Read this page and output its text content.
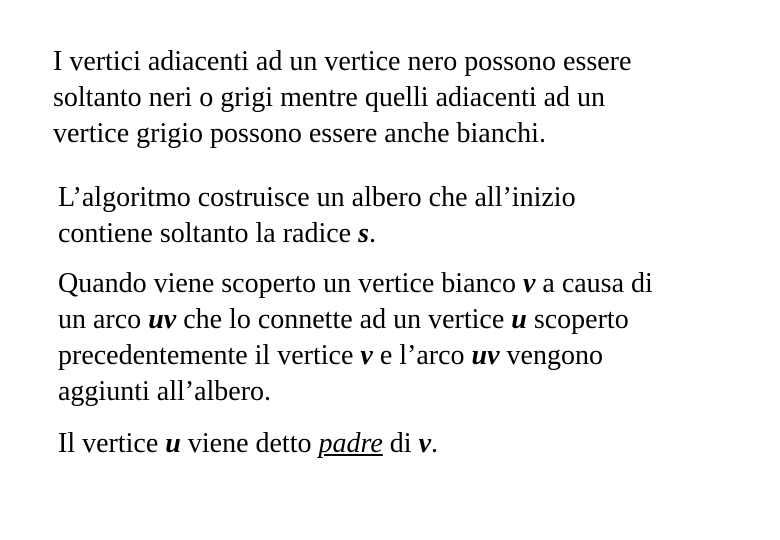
I vertici adiacenti ad un vertice nero possono essere
soltanto neri o grigi mentre quelli adiacenti ad un
vertice grigio possono essere anche bianchi.

L’algoritmo costruisce un albero che all’inizio
contiene soltanto la radice s.

Quando viene scoperto un vertice bianco v a causa di
un arco uv che lo connette ad un vertice u scoperto
precedentemente il vertice v e l’arco uv vengono
aggiunti all’albero.

Il vertice u viene detto padre di v.
